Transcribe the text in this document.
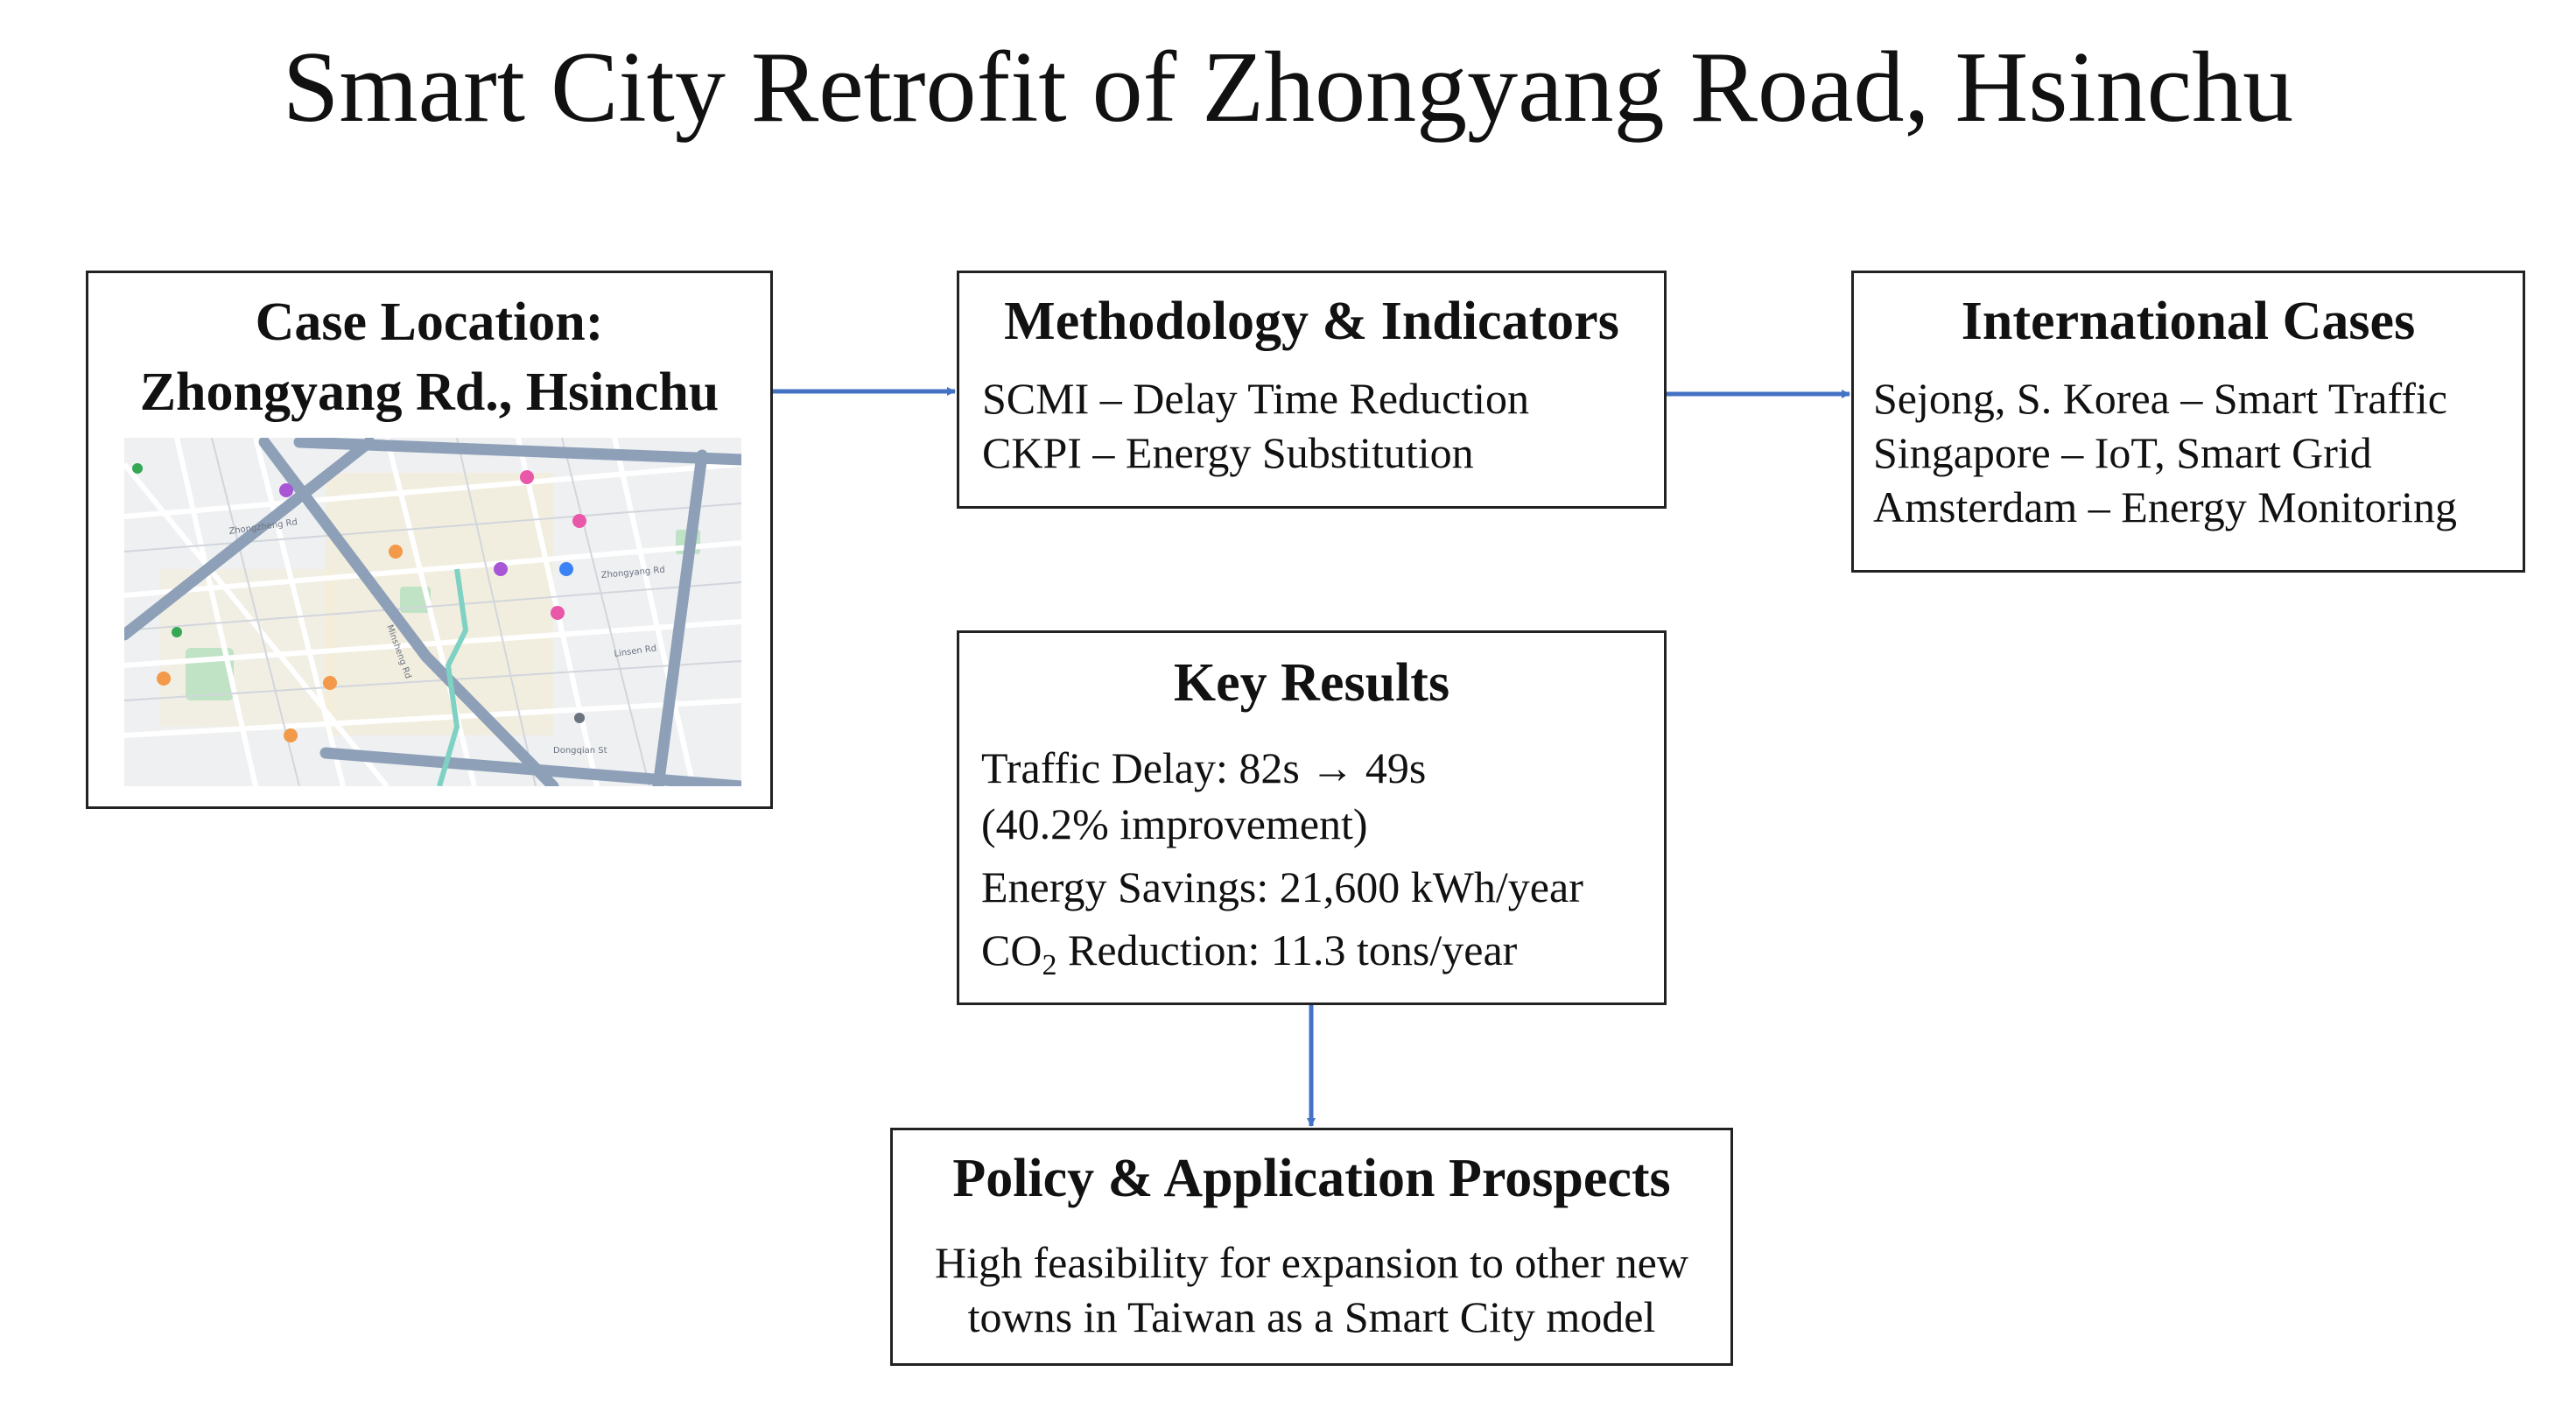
Smart City Retrofit of Zhongyang Road, Hsinchu
Case Location:
Zhongyang Rd., Hsinchu
Zhongyang Rd
Zhongzheng Rd
Minsheng Rd	Linsen Rd
Dongqian St
Methodology & Indicators
SCMI – Delay Time Reduction
CKPI – Energy Substitution
International Cases
Sejong, S. Korea – Smart Traffic
Singapore – IoT, Smart Grid
Amsterdam – Energy Monitoring
Key Results
Traffic Delay: 82s → 49s
(40.2% improvement)
Energy Savings: 21,600 kWh/year
$CO_2$ Reduction: 11.3 tons/year
Policy & Application Prospects
High feasibility for expansion to other new
towns in Taiwan as a Smart City model
